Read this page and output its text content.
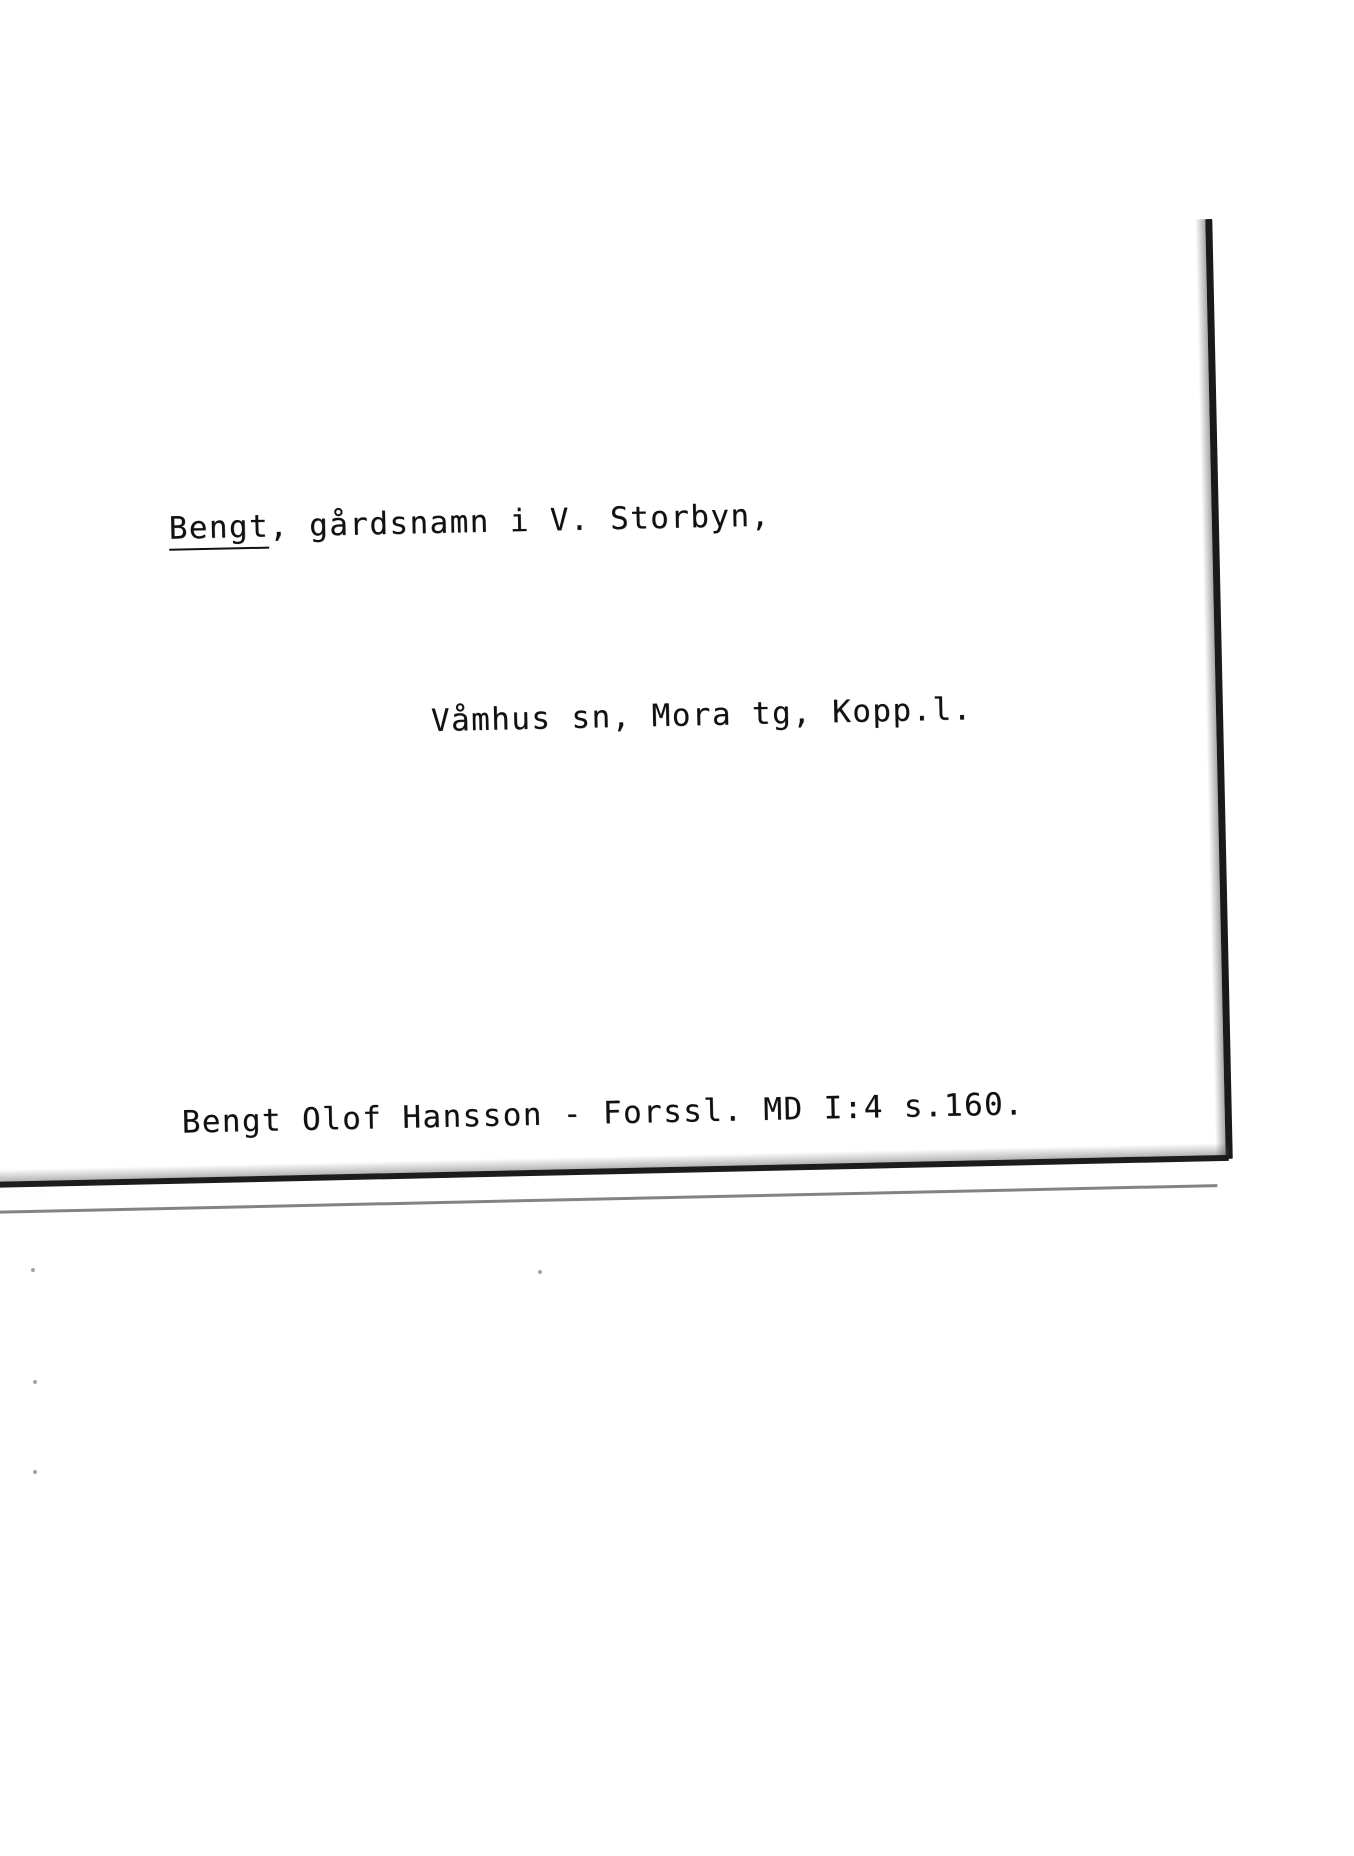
Bengt, gårdsnamn i V. Storbyn,

Våmhus sn, Mora tg, Kopp.l.

Bengt Olof Hansson - Forssl. MD I:4 s.160.
